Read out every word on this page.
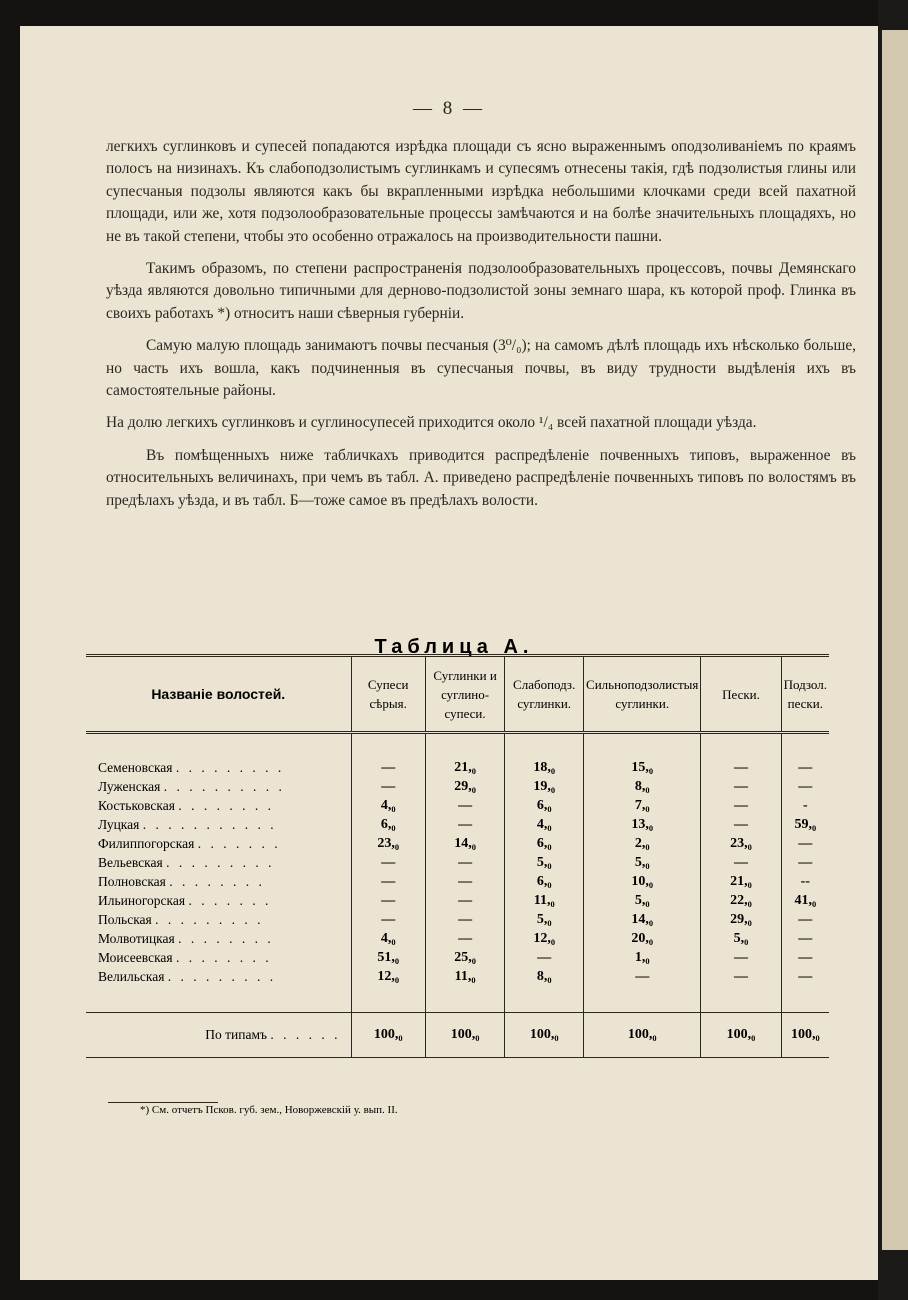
— 8 —

легкихъ суглинковъ и супесей попадаются изрѣдка площади съ ясно выраженнымъ оподзоливанiемъ по краямъ полосъ на низинахъ. Къ слабоподзолистымъ суглинкамъ и супесямъ отнесены такiя, гдѣ подзолистыя глины или супесчаныя подзолы являются какъ бы вкрапленными изрѣдка небольшими клочками среди всей пахатной площади, или же, хотя подзолообразовательные процессы замѣчаются и на болѣе значительныхъ площадяхъ, но не въ такой степени, чтобы это особенно отражалось на производительности пашни.

Такимъ образомъ, по степени распространенiя подзолообразовательныхъ процессовъ, почвы Демянскаго уѣзда являются довольно типичными для дерново-подзолистой зоны земнаго шара, къ которой проф. Глинка въ своихъ работахъ *) относитъ наши сѣверныя губернiи.

Самую малую площадь занимаютъ почвы песчаныя (3⁰/₀); на самомъ дѣлѣ площадь ихъ нѣсколько больше, но часть ихъ вошла, какъ подчиненныя въ супесчаныя почвы, въ виду трудности выдѣленiя ихъ въ самостоятельные районы.

На долю легкихъ суглинковъ и суглиносупесей приходится около ¹/₄ всей пахатной площади уѣзда.

Въ помѣщенныхъ ниже табличкахъ приводится распредѣленiе почвенныхъ типовъ, выраженное въ относительныхъ величинахъ, при чемъ въ табл. А. приведено распредѣленiе почвенныхъ типовъ по волостямъ въ предѣлахъ уѣзда, и въ табл. Б—тоже самое въ предѣлахъ волости.

Таблица А.
Названiе волостей.	Супеси сѣрыя.	Суглинки и суглино-супеси.	Слабоподз. суглинки.	Сильноподзолистыя суглинки.	Пески.	Подзол. пески.

Семеновская . . . . . . . . .	—	21,₀	18,₀	15,₀	—	—
Луженская . . . . . . . . . .	—	29,₀	19,₀	8,₀	—	—
Костьковская . . . . . . . .	4,₀	—	6,₀	7,₀	—	-
Луцкая . . . . . . . . . . .	6,₀	—	4,₀	13,₀	—	59,₀
Филиппогорская . . . . . . .	23,₀	14,₀	6,₀	2,₀	23,₀	—
Вельевская . . . . . . . . .	—	—	5,₀	5,₀	—	—
Полновская . . . . . . . .	—	—	6,₀	10,₀	21,₀	--
Ильиногорская . . . . . . .	—	—	11,₀	5,₀	22,₀	41,₀
Польская . . . . . . . . .	—	—	5,₀	14,₀	29,₀	—
Молвотицкая . . . . . . . .	4,₀	—	12,₀	20,₀	5,₀	—
Моисеевская . . . . . . . .	51,₀	25,₀	—	1,₀	—	—
Велильская . . . . . . . . .	12,₀	11,₀	8,₀	—	—	—

По типамъ . . . . . .	100,₀	100,₀	100,₀	100,₀	100,₀	100,₀
*) См. отчетъ Псков. губ. зем., Новоржевскiй у. вып. II.
